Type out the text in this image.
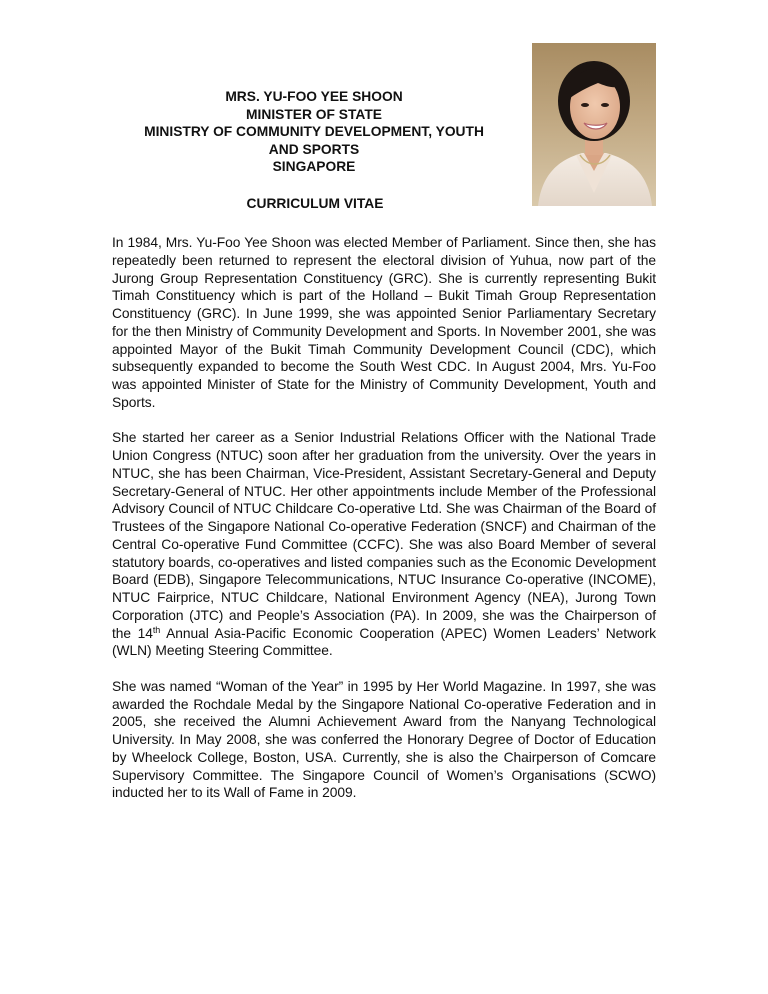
MRS. YU-FOO YEE SHOON
MINISTER OF STATE
MINISTRY OF COMMUNITY DEVELOPMENT, YOUTH
AND SPORTS
SINGAPORE
CURRICULUM VITAE

In 1984, Mrs. Yu-Foo Yee Shoon was elected Member of Parliament. Since then, she has repeatedly been returned to represent the electoral division of Yuhua, now part of the Jurong Group Representation Constituency (GRC). She is currently representing Bukit Timah Constituency which is part of the Holland – Bukit Timah Group Representation Constituency (GRC). In June 1999, she was appointed Senior Parliamentary Secretary for the then Ministry of Community Development and Sports. In November 2001, she was appointed Mayor of the Bukit Timah Community Development Council (CDC), which subsequently expanded to become the South West CDC. In August 2004, Mrs. Yu-Foo was appointed Minister of State for the Ministry of Community Development, Youth and Sports.

She started her career as a Senior Industrial Relations Officer with the National Trade Union Congress (NTUC) soon after her graduation from the university. Over the years in NTUC, she has been Chairman, Vice-President, Assistant Secretary-General and Deputy Secretary-General of NTUC. Her other appointments include Member of the Professional Advisory Council of NTUC Childcare Co-operative Ltd. She was Chairman of the Board of Trustees of the Singapore National Co-operative Federation (SNCF) and Chairman of the Central Co-operative Fund Committee (CCFC). She was also Board Member of several statutory boards, co-operatives and listed companies such as the Economic Development Board (EDB), Singapore Telecommunications, NTUC Insurance Co-operative (INCOME), NTUC Fairprice, NTUC Childcare, National Environment Agency (NEA), Jurong Town Corporation (JTC) and People’s Association (PA). In 2009, she was the Chairperson of the 14th Annual Asia-Pacific Economic Cooperation (APEC) Women Leaders’ Network (WLN) Meeting Steering Committee.

She was named “Woman of the Year” in 1995 by Her World Magazine. In 1997, she was awarded the Rochdale Medal by the Singapore National Co-operative Federation and in 2005, she received the Alumni Achievement Award from the Nanyang Technological University. In May 2008, she was conferred the Honorary Degree of Doctor of Education by Wheelock College, Boston, USA. Currently, she is also the Chairperson of Comcare Supervisory Committee. The Singapore Council of Women’s Organisations (SCWO) inducted her to its Wall of Fame in 2009.
